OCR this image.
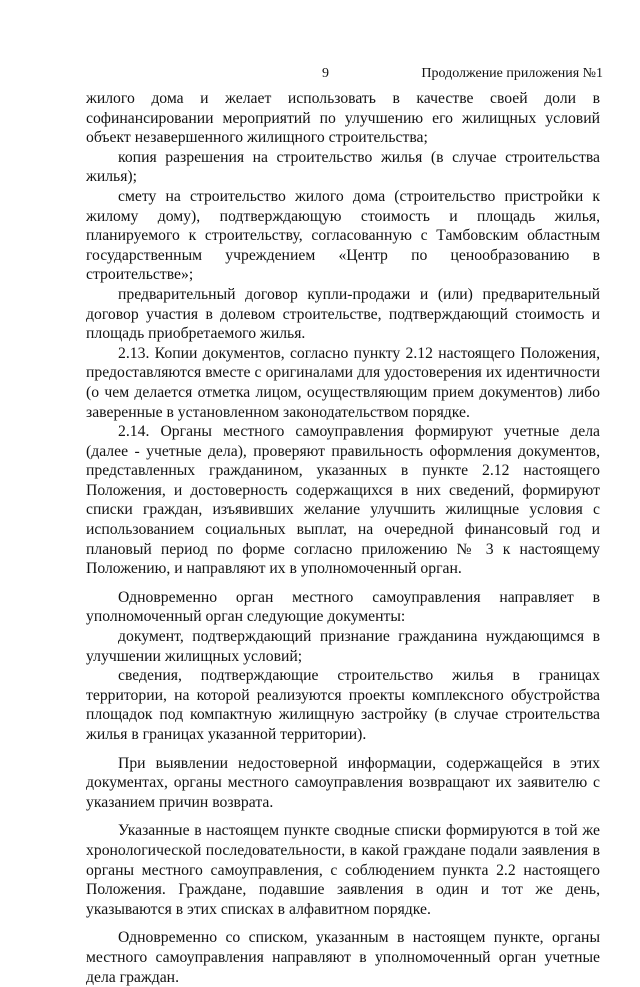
9	Продолжение приложения №1

жилого дома и желает использовать в качестве своей доли в софинансировании мероприятий по улучшению его жилищных условий объект незавершенного жилищного строительства;

копия разрешения на строительство жилья (в случае строительства жилья);

смету на строительство жилого дома (строительство пристройки к жилому дому), подтверждающую стоимость и площадь жилья, планируемого к строительству, согласованную с Тамбовским областным государственным учреждением «Центр по ценообразованию в строительстве»;

предварительный договор купли-продажи и (или) предварительный договор участия в долевом строительстве, подтверждающий стоимость и площадь приобретаемого жилья.

2.13. Копии документов, согласно пункту 2.12 настоящего Положения, предоставляются вместе с оригиналами для удостоверения их идентичности (о чем делается отметка лицом, осуществляющим прием документов) либо заверенные в установленном законодательством порядке.

2.14. Органы местного самоуправления формируют учетные дела (далее - учетные дела), проверяют правильность оформления документов, представленных гражданином, указанных в пункте 2.12 настоящего Положения, и достоверность содержащихся в них сведений, формируют списки граждан, изъявивших желание улучшить жилищные условия с использованием социальных выплат, на очередной финансовый год и плановый период по форме согласно приложению № 3 к настоящему Положению, и направляют их в уполномоченный орган.

Одновременно орган местного самоуправления направляет в уполномоченный орган следующие документы:

документ, подтверждающий признание гражданина нуждающимся в улучшении жилищных условий;

сведения, подтверждающие строительство жилья в границах территории, на которой реализуются проекты комплексного обустройства площадок под компактную жилищную застройку (в случае строительства жилья в границах указанной территории).

При выявлении недостоверной информации, содержащейся в этих документах, органы местного самоуправления возвращают их заявителю с указанием причин возврата.

Указанные в настоящем пункте сводные списки формируются в той же хронологической последовательности, в какой граждане подали заявления в органы местного самоуправления, с соблюдением пункта 2.2 настоящего Положения. Граждане, подавшие заявления в один и тот же день, указываются в этих списках в алфавитном порядке.

Одновременно со списком, указанным в настоящем пункте, органы местного самоуправления направляют в уполномоченный орган учетные дела граждан.
